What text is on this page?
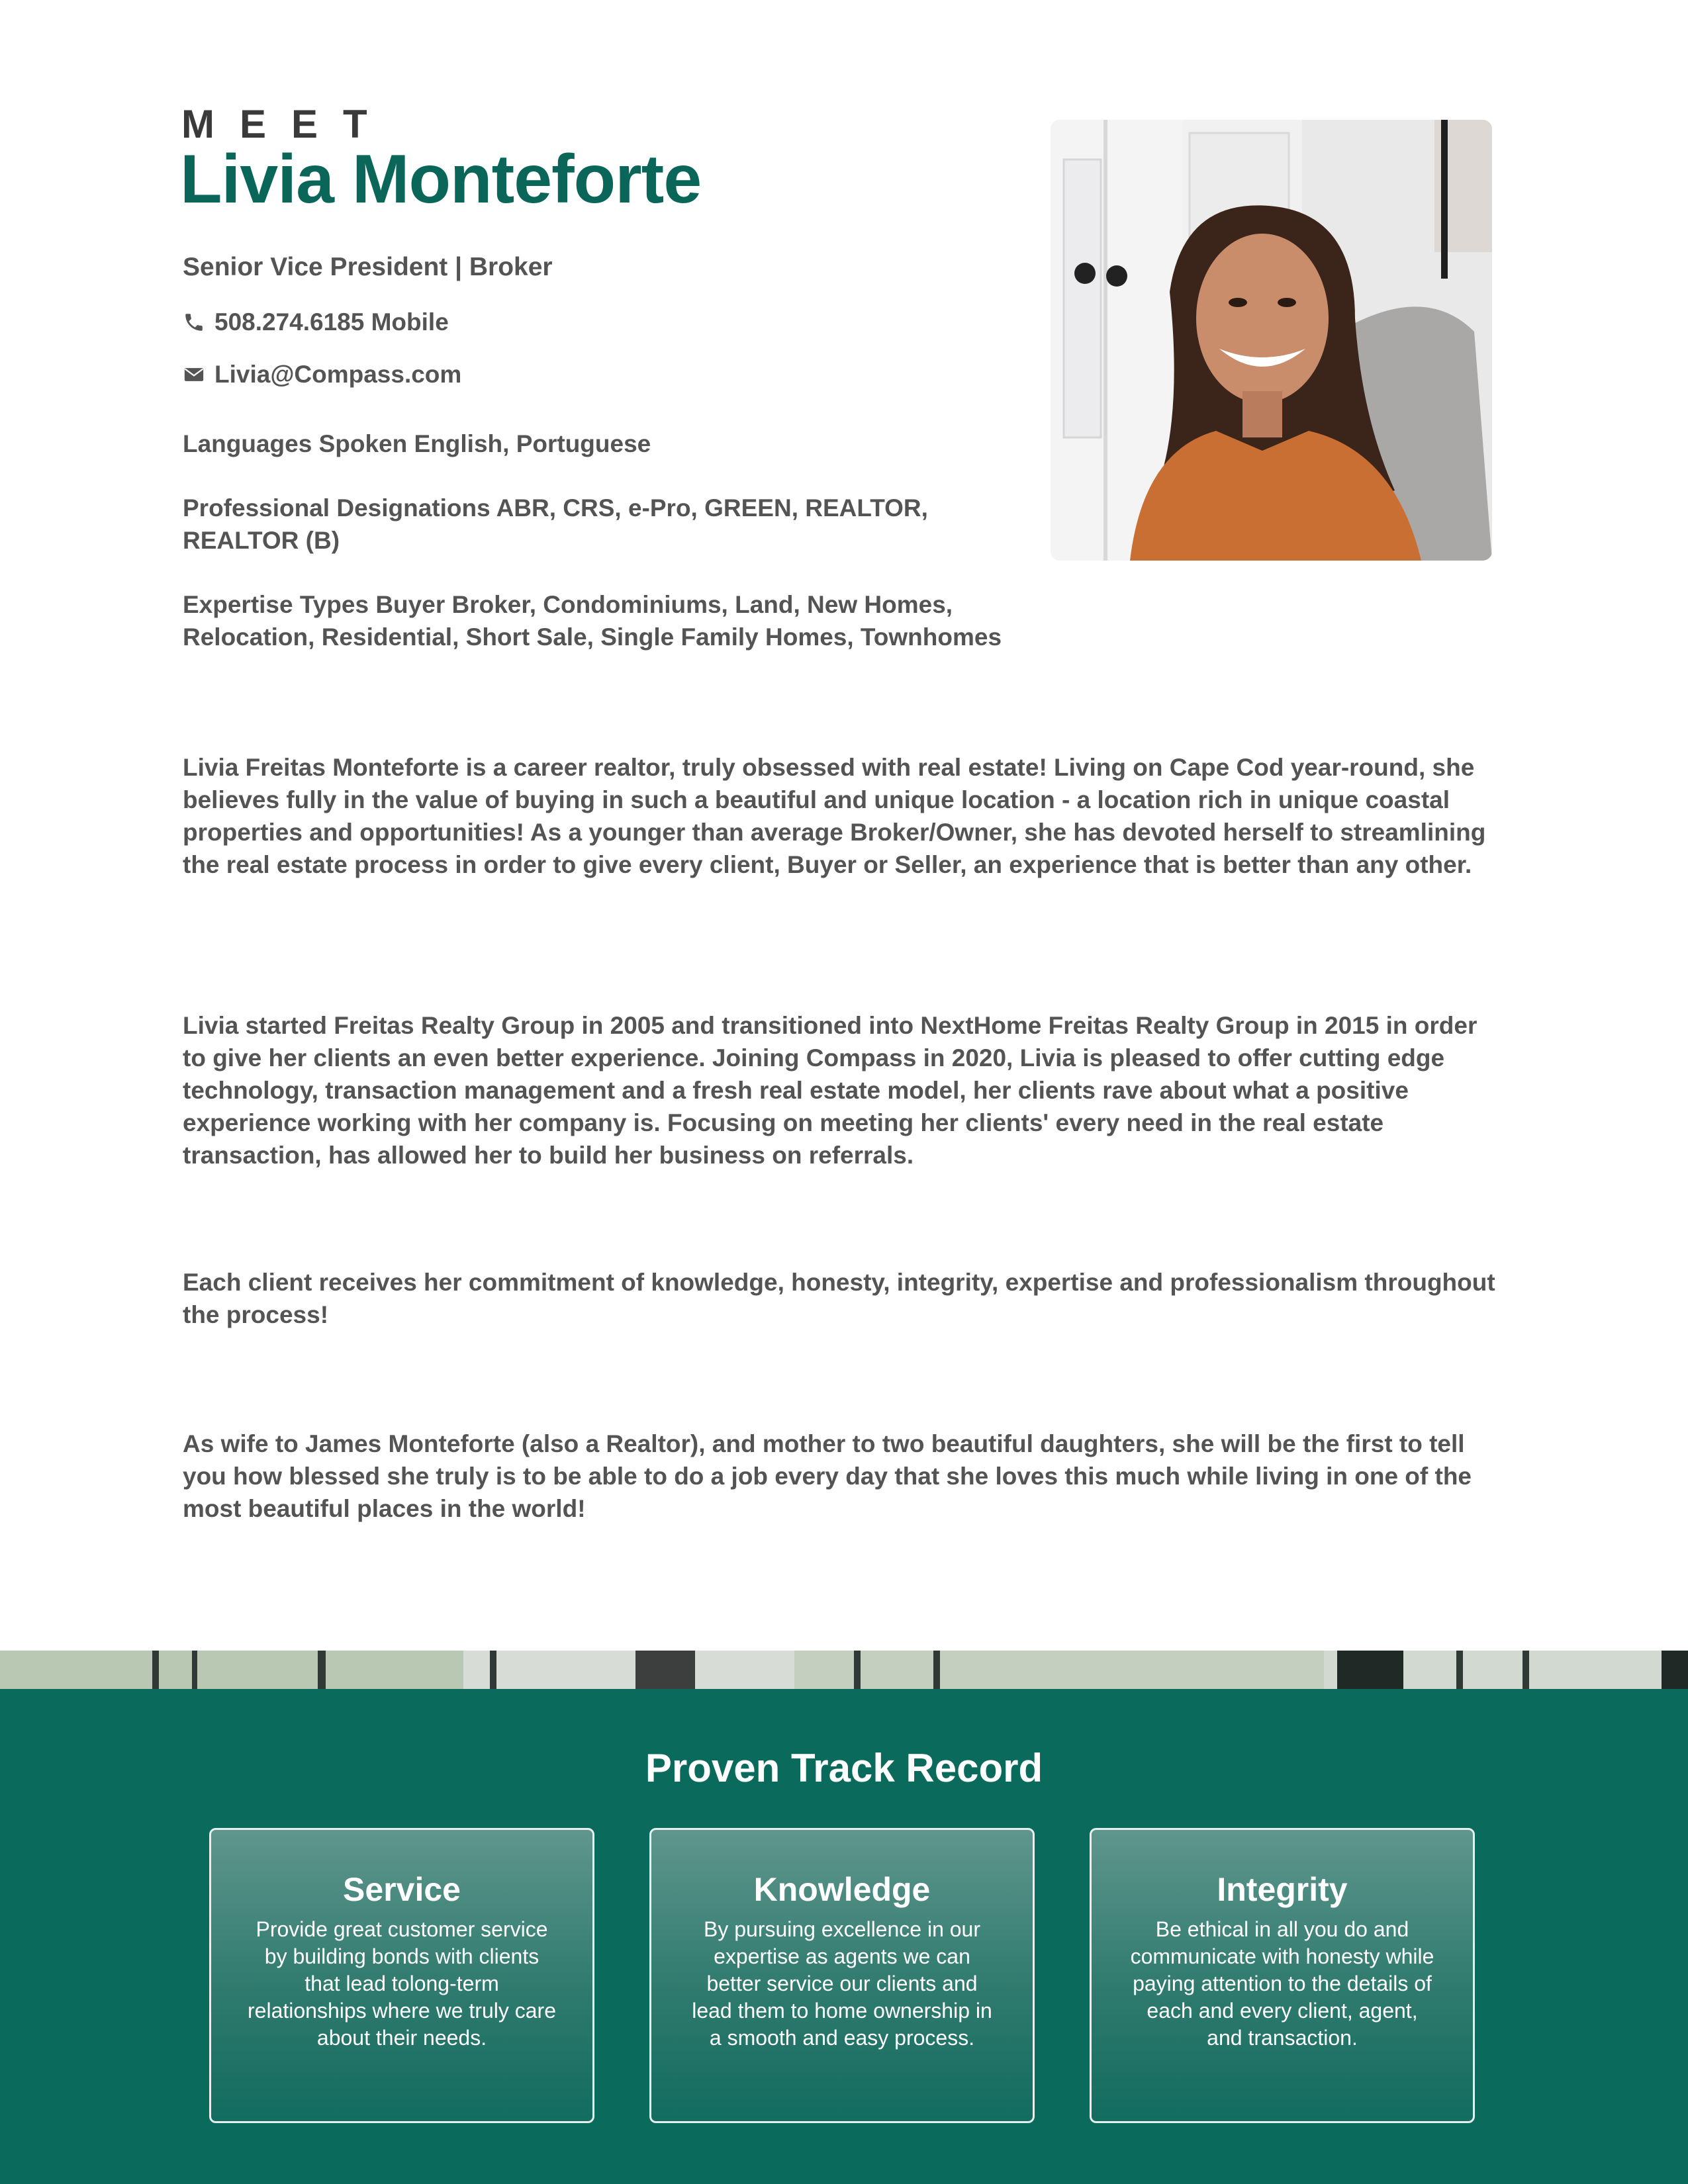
MEET
Livia Monteforte
Senior Vice President | Broker
508.274.6185 Mobile
Livia@Compass.com
Languages Spoken English, Portuguese
Professional Designations ABR, CRS, e-Pro, GREEN, REALTOR, REALTOR (B)
Expertise Types Buyer Broker, Condominiums, Land, New Homes, Relocation, Residential, Short Sale, Single Family Homes, Townhomes
Livia Freitas Monteforte is a career realtor, truly obsessed with real estate! Living on Cape Cod year-round, she believes fully in the value of buying in such a beautiful and unique location - a location rich in unique coastal properties and opportunities! As a younger than average Broker/Owner, she has devoted herself to streamlining the real estate process in order to give every client, Buyer or Seller, an experience that is better than any other.
Livia started Freitas Realty Group in 2005 and transitioned into NextHome Freitas Realty Group in 2015 in order to give her clients an even better experience. Joining Compass in 2020, Livia is pleased to offer cutting edge technology, transaction management and a fresh real estate model, her clients rave about what a positive experience working with her company is. Focusing on meeting her clients' every need in the real estate transaction, has allowed her to build her business on referrals.
Each client receives her commitment of knowledge, honesty, integrity, expertise and professionalism throughout the process!
As wife to James Monteforte (also a Realtor), and mother to two beautiful daughters, she will be the first to tell you how blessed she truly is to be able to do a job every day that she loves this much while living in one of the most beautiful places in the world!
Proven Track Record
Service
Provide great customer service by building bonds with clients that lead tolong-term relationships where we truly care about their needs.
Knowledge
By pursuing excellence in our expertise as agents we can better service our clients and lead them to home ownership in a smooth and easy process.
Integrity
Be ethical in all you do and communicate with honesty while paying attention to the details of each and every client, agent, and transaction.
